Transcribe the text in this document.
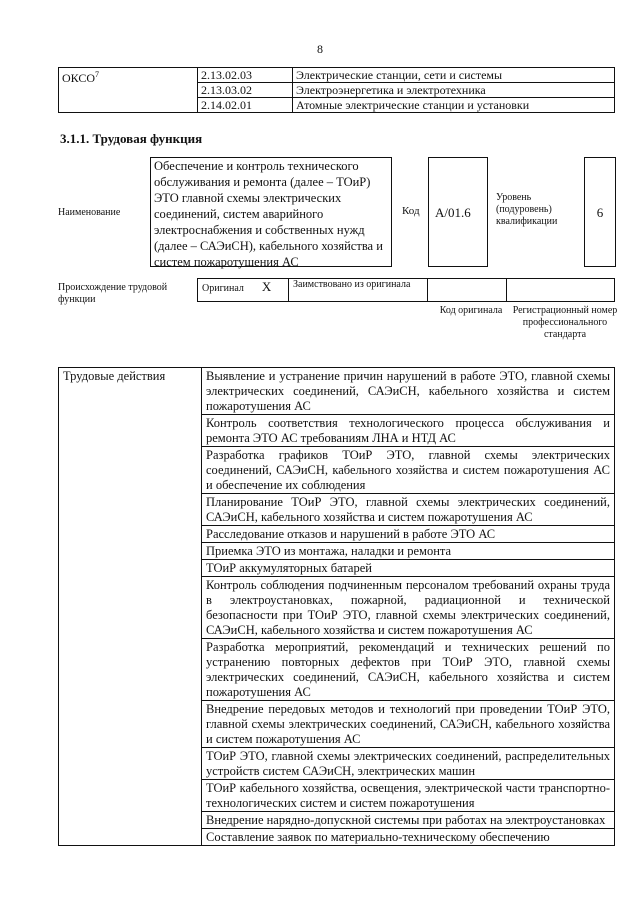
8
ОКСО$^7$	2.13.02.03	Электрические станции, сети и системы
	2.13.03.02	Электроэнергетика и электротехника
	2.14.02.01	Атомные электрические станции и установки
3.1.1. Трудовая функция
Наименование
Обеспечение и контроль технического обслуживания и ремонта (далее – ТОиР) ЭТО главной схемы электрических соединений, систем аварийного электроснабжения и собственных нужд (далее – САЭиСН), кабельного хозяйства и систем пожаротушения АС
Код	А/01.6
Уровень (подуровень) квалификации
6
Происхождение трудовой функции
Оригинал X	Заимствовано из оригинала		
Код оригинала	Регистрационный номер профессионального стандарта
Трудовые действия	Выявление и устранение причин нарушений в работе ЭТО, главной схемы электрических соединений, САЭиСН, кабельного хозяйства и систем пожаротушения АС
Контроль соответствия технологического процесса обслуживания и ремонта ЭТО АС требованиям ЛНА и НТД АС
Разработка графиков ТОиР ЭТО, главной схемы электрических соединений, САЭиСН, кабельного хозяйства и систем пожаротушения АС и обеспечение их соблюдения
Планирование ТОиР ЭТО, главной схемы электрических соединений, САЭиСН, кабельного хозяйства и систем пожаротушения АС
Расследование отказов и нарушений в работе ЭТО АС
Приемка ЭТО из монтажа, наладки и ремонта
ТОиР аккумуляторных батарей
Контроль соблюдения подчиненным персоналом требований охраны труда в электроустановках, пожарной, радиационной и технической безопасности при ТОиР ЭТО, главной схемы электрических соединений, САЭиСН, кабельного хозяйства и систем пожаротушения АС
Разработка мероприятий, рекомендаций и технических решений по устранению повторных дефектов при ТОиР ЭТО, главной схемы электрических соединений, САЭиСН, кабельного хозяйства и систем пожаротушения АС
Внедрение передовых методов и технологий при проведении ТОиР ЭТО, главной схемы электрических соединений, САЭиСН, кабельного хозяйства и систем пожаротушения АС
ТОиР ЭТО, главной схемы электрических соединений, распределительных устройств систем САЭиСН, электрических машин
ТОиР кабельного хозяйства, освещения, электрической части транспортно-технологических систем и систем пожаротушения
Внедрение нарядно-допускной системы при работах на электроустановках
Составление заявок по материально-техническому обеспечению
